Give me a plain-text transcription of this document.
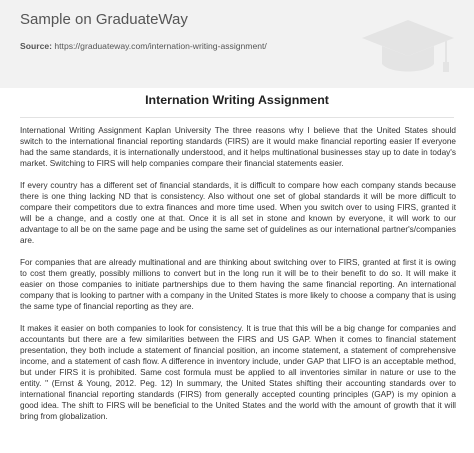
Sample on GraduateWay
Source: https://graduateway.com/internation-writing-assignment/
Internation Writing Assignment

International Writing Assignment Kaplan University The three reasons why I believe that the United States should switch to the international financial reporting standards (FIRS) are it would make financial reporting easier If everyone had the same standards, it is internationally understood, and it helps multinational businesses stay up to date in today's market. Switching to FIRS will help companies compare their financial statements easier.

If every country has a different set of financial standards, it is difficult to compare how each company stands because there is one thing lacking ND that is consistency. Also without one set of global standards it will be more difficult to compare their competitors due to extra finances and more time used. When you switch over to using FIRS, granted it will be a change, and a costly one at that. Once it is all set in stone and known by everyone, it will work to our advantage to all be on the same page and be using the same set of guidelines as our international partner's/companies are.

For companies that are already multinational and are thinking about switching over to FIRS, granted at first it is owing to cost them greatly, possibly millions to convert but in the long run it will be to their benefit to do so. It will make it easier on those companies to initiate partnerships due to them having the same financial reporting. An international company that is looking to partner with a company in the United States is more likely to choose a company that is using the same type of financial reporting as they are.

It makes it easier on both companies to look for consistency. It is true that this will be a big change for companies and accountants but there are a few similarities between the FIRS and US GAP. When it comes to financial statement presentation, they both include a statement of financial position, an income statement, a statement of comprehensive income, and a statement of cash flow. A difference in inventory include, under GAP that LIFO is an acceptable method, but under FIRS it is prohibited. Same cost formula must be applied to all inventories similar in nature or use to the entity. " (Ernst & Young, 2012. Peg. 12) In summary, the United States shifting their accounting standards over to international financial reporting standards (FIRS) from generally accepted counting principles (GAP) is my opinion a good idea. The shift to FIRS will be beneficial to the United States and the world with the amount of growth that it will bring from globalization.
